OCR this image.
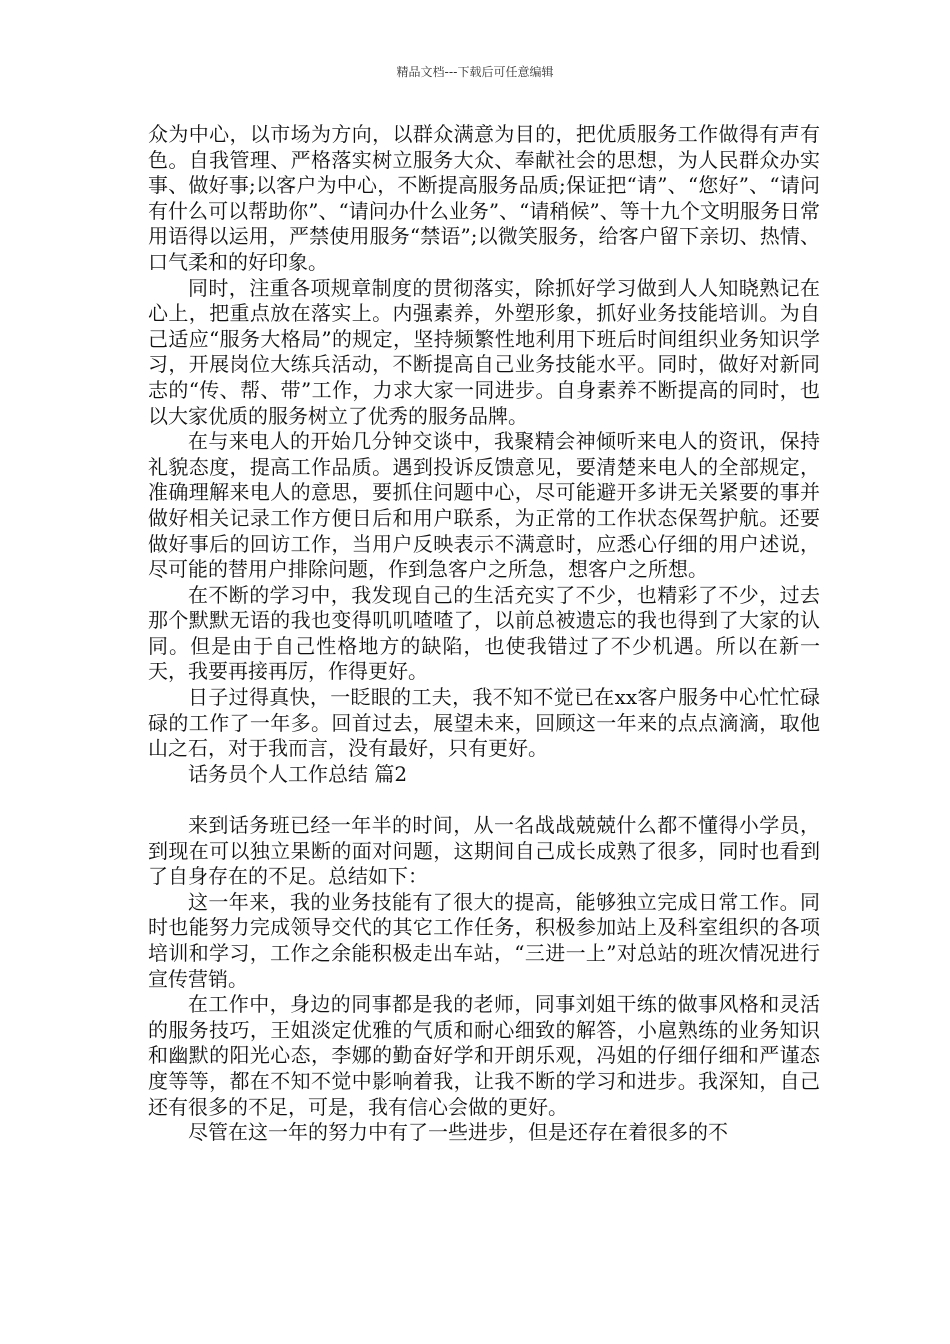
精品文档---下载后可任意编辑

众为中心，以市场为方向，以群众满意为目的，把优质服务工作做得有声有色。自我管理、严格落实树立服务大众、奉献社会的思想，为人民群众办实事、做好事;以客户为中心，不断提高服务品质;保证把“请”、“您好”、“请问有什么可以帮助你”、“请问办什么业务”、“请稍候”、等十九个文明服务日常用语得以运用，严禁使用服务“禁语”;以微笑服务，给客户留下亲切、热情、口气柔和的好印象。

同时，注重各项规章制度的贯彻落实，除抓好学习做到人人知晓熟记在心上，把重点放在落实上。内强素养，外塑形象，抓好业务技能培训。为自己适应“服务大格局”的规定，坚持频繁性地利用下班后时间组织业务知识学习，开展岗位大练兵活动，不断提高自己业务技能水平。同时，做好对新同志的“传、帮、带”工作，力求大家一同进步。自身素养不断提高的同时，也以大家优质的服务树立了优秀的服务品牌。

在与来电人的开始几分钟交谈中，我聚精会神倾听来电人的资讯，保持礼貌态度，提高工作品质。遇到投诉反馈意见，要清楚来电人的全部规定，准确理解来电人的意思，要抓住问题中心，尽可能避开多讲无关紧要的事并做好相关记录工作方便日后和用户联系，为正常的工作状态保驾护航。还要做好事后的回访工作，当用户反映表示不满意时，应悉心仔细的用户述说，尽可能的替用户排除问题，作到急客户之所急，想客户之所想。

在不断的学习中，我发现自己的生活充实了不少，也精彩了不少，过去那个默默无语的我也变得叽叽喳喳了，以前总被遗忘的我也得到了大家的认同。但是由于自己性格地方的缺陷，也使我错过了不少机遇。所以在新一天，我要再接再厉，作得更好。

日子过得真快，一眨眼的工夫，我不知不觉已在xx客户服务中心忙忙碌碌的工作了一年多。回首过去，展望未来，回顾这一年来的点点滴滴，取他山之石，对于我而言，没有最好，只有更好。

话务员个人工作总结 篇2

来到话务班已经一年半的时间，从一名战战兢兢什么都不懂得小学员，到现在可以独立果断的面对问题，这期间自己成长成熟了很多，同时也看到了自身存在的不足。总结如下：

这一年来，我的业务技能有了很大的提高，能够独立完成日常工作。同时也能努力完成领导交代的其它工作任务，积极参加站上及科室组织的各项培训和学习，工作之余能积极走出车站，“三进一上”对总站的班次情况进行宣传营销。

在工作中，身边的同事都是我的老师，同事刘姐干练的做事风格和灵活的服务技巧，王姐淡定优雅的气质和耐心细致的解答，小扈熟练的业务知识和幽默的阳光心态，李娜的勤奋好学和开朗乐观，冯姐的仔细仔细和严谨态度等等，都在不知不觉中影响着我，让我不断的学习和进步。我深知，自己还有很多的不足，可是，我有信心会做的更好。

尽管在这一年的努力中有了一些进步，但是还存在着很多的不
